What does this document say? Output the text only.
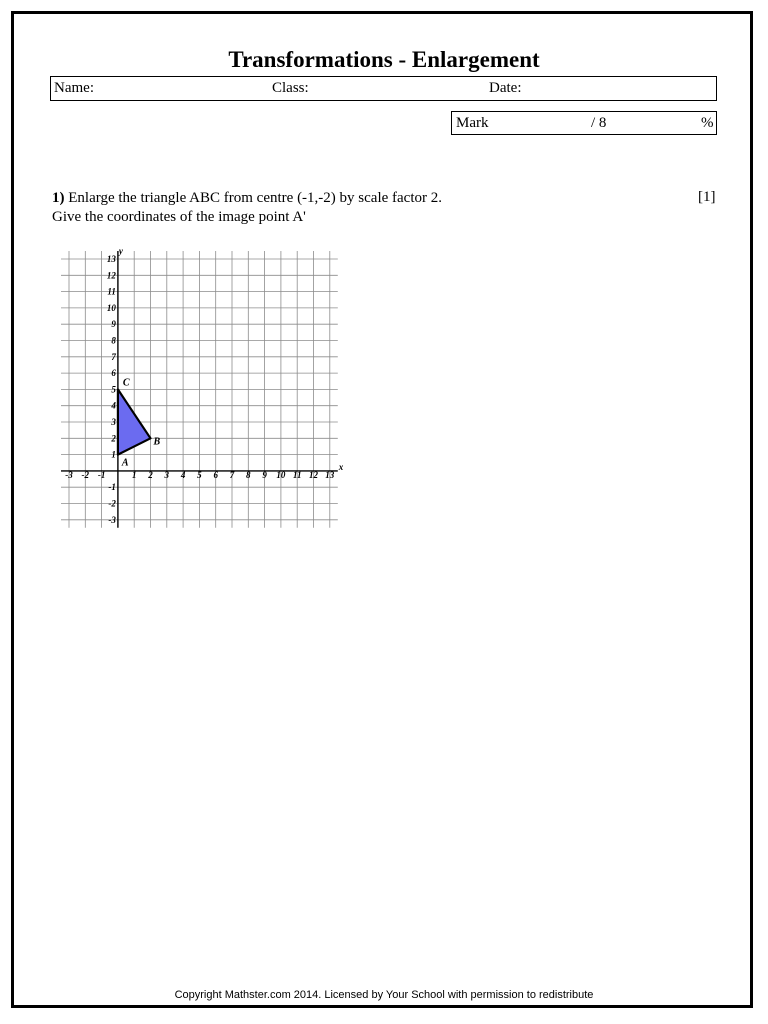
Transformations - Enlargement
Name:	Class:	Date:
Mark	/ 8	%
1) Enlarge the triangle ABC from centre (-1,-2) by scale factor 2.
Give the coordinates of the image point A'
[1]
x
y
-3 -2 -1	1 2 3 4 5 6 7 8 9 10 11 12 13
13
12
11
10
9
8
7
6
5
4
3
2
1
-1
-2
-3
A
B
C
Copyright Mathster.com 2014. Licensed by Your School with permission to redistribute
